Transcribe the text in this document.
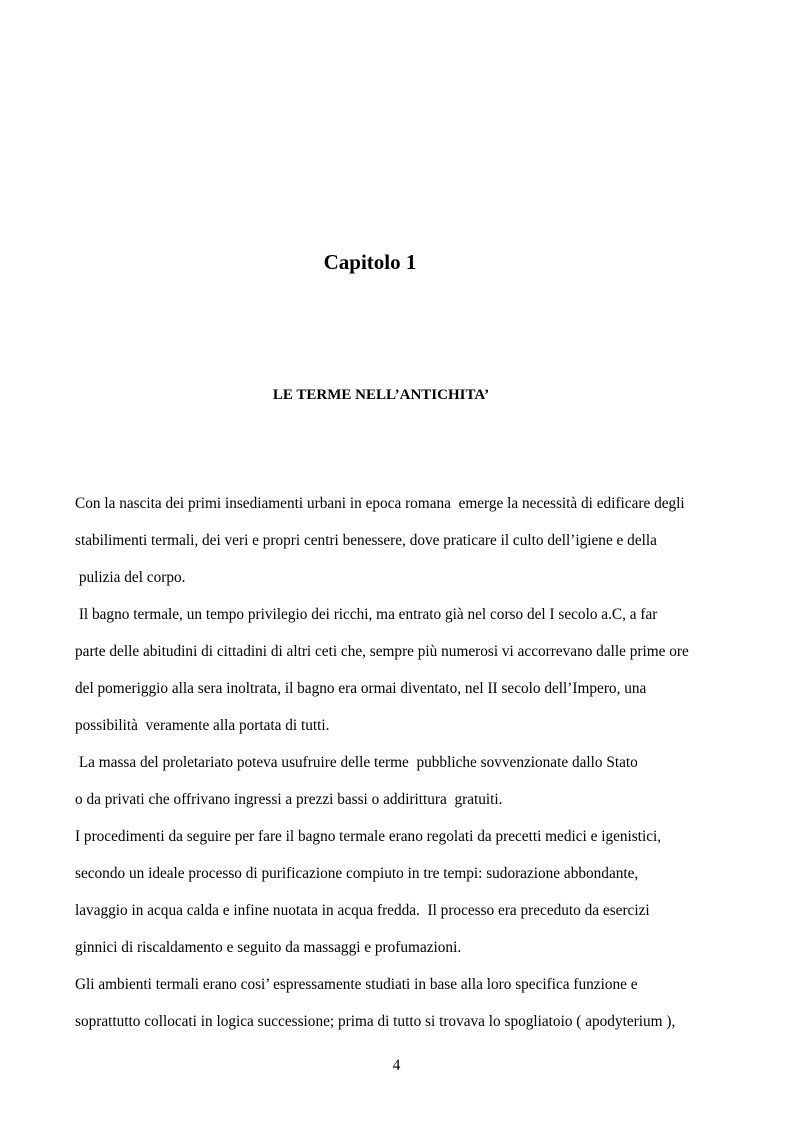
Capitolo 1
LE TERME NELL’ANTICHITA’
Con la nascita dei primi insediamenti urbani in epoca romana  emerge la necessità di edificare degli
stabilimenti termali, dei veri e propri centri benessere, dove praticare il culto dell’igiene e della
pulizia del corpo.
Il bagno termale, un tempo privilegio dei ricchi, ma entrato già nel corso del I secolo a.C, a far
parte delle abitudini di cittadini di altri ceti che, sempre più numerosi vi accorrevano dalle prime ore
del pomeriggio alla sera inoltrata, il bagno era ormai diventato, nel II secolo dell’Impero, una
possibilità  veramente alla portata di tutti.
La massa del proletariato poteva usufruire delle terme  pubbliche sovvenzionate dallo Stato
o da privati che offrivano ingressi a prezzi bassi o addirittura  gratuiti.
I procedimenti da seguire per fare il bagno termale erano regolati da precetti medici e igenistici,
secondo un ideale processo di purificazione compiuto in tre tempi: sudorazione abbondante,
lavaggio in acqua calda e infine nuotata in acqua fredda.  Il processo era preceduto da esercizi
ginnici di riscaldamento e seguito da massaggi e profumazioni.
Gli ambienti termali erano cosi’ espressamente studiati in base alla loro specifica funzione e
soprattutto collocati in logica successione; prima di tutto si trovava lo spogliatoio ( apodyterium ),
4
